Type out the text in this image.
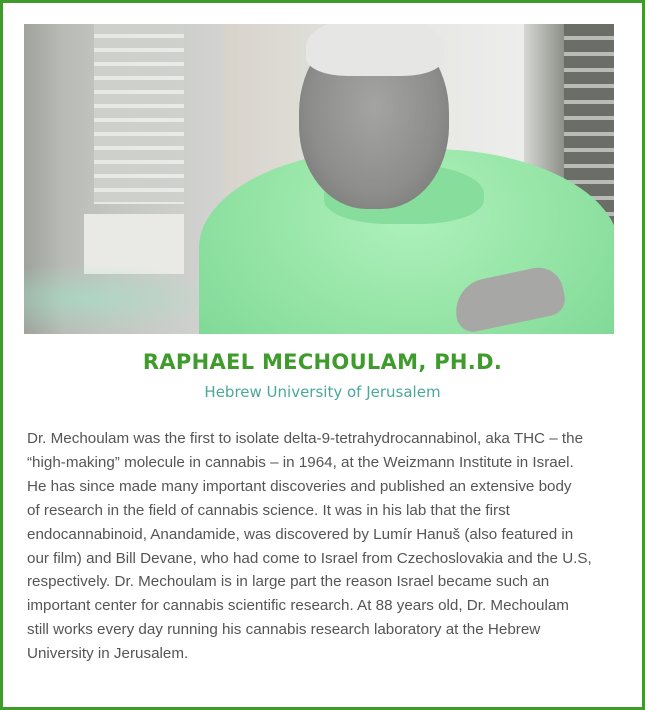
RAPHAEL MECHOULAM, PH.D.
Hebrew University of Jerusalem
Dr. Mechoulam was the first to isolate delta-9-tetrahydrocannabinol, aka THC – the
“high-making” molecule in cannabis – in 1964, at the Weizmann Institute in Israel.
He has since made many important discoveries and published an extensive body
of research in the field of cannabis science. It was in his lab that the first
endocannabinoid, Anandamide, was discovered by Lumír Hanuš (also featured in
our film) and Bill Devane, who had come to Israel from Czechoslovakia and the U.S,
respectively. Dr. Mechoulam is in large part the reason Israel became such an
important center for cannabis scientific research. At 88 years old, Dr. Mechoulam
still works every day running his cannabis research laboratory at the Hebrew
University in Jerusalem.
